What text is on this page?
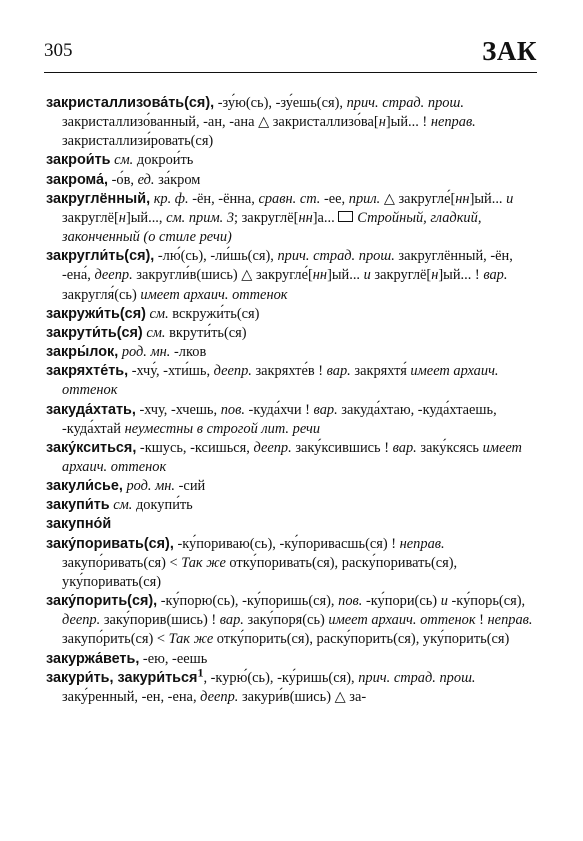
305	ЗАК
закристаллизова́ть(ся), -зу́ю(сь), -зу́ешь(ся), прич. страд. прош. закристаллизо́ванный, -ан, -ана △ закристаллизо́ва[н]ый... ! неправ. закристаллизи́ровать(ся)
закрои́ть см. докрои́ть
закрома́, -о́в, ед. за́кром
закруглённый, кр. ф. -ён, -ённа, сравн. ст. -ее, прил. △ закругле́[нн]ый... и закруглё[н]ый..., см. прим. 3; закруглё[нн]а... Стройный, гладкий, законченный (о стиле речи)
закругли́ть(ся), -лю́(сь), -ли́шь(ся), прич. страд. прош. закруглённый, -ён, -ена́, деепр. закругли́в(шись) △ закругле́[нн]ый... и закруглё[н]ый... ! вар. закругля́(сь) имеет архаич. оттенок
закружи́ть(ся) см. вскружи́ть(ся)
закрути́ть(ся) см. вкрути́ть(ся)
закры́лок, род. мн. -лков
закряхте́ть, -хчу́, -хти́шь, деепр. закряхте́в ! вар. закряхтя́ имеет архаич. оттенок
закуда́хтать, -хчу, -хчешь, пов. -куда́хчи ! вар. закуда́хтаю, -куда́хтаешь, -куда́хтай неуместны в строгой лит. речи
заку́кситься, -кшусь, -ксишься, деепр. заку́ксившись ! вар. заку́ксясь имеет архаич. оттенок
закули́сье, род. мн. -сий
закупи́ть см. докупи́ть
закупно́й
заку́поривать(ся), -ку́пориваю(сь), -ку́поривасшь(ся) ! неправ. закупо́ривать(ся) < Так же отку́поривать(ся), раску́поривать(ся), уку́поривать(ся)
заку́порить(ся), -ку́порю(сь), -ку́поришь(ся), пов. -ку́пори(сь) и -ку́порь(ся), деепр. заку́порив(шись) ! вар. заку́поря(сь) имеет архаич. оттенок ! неправ. закупо́рить(ся) < Так же отку́порить(ся), раску́порить(ся), уку́порить(ся)
закуржа́веть, -ею, -еешь
закури́ть, закури́ться$^1$, -курю́(сь), -ку́ришь(ся), прич. страд. прош. заку́ренный, -ен, -ена, деепр. закури́в(шись) △ за-
